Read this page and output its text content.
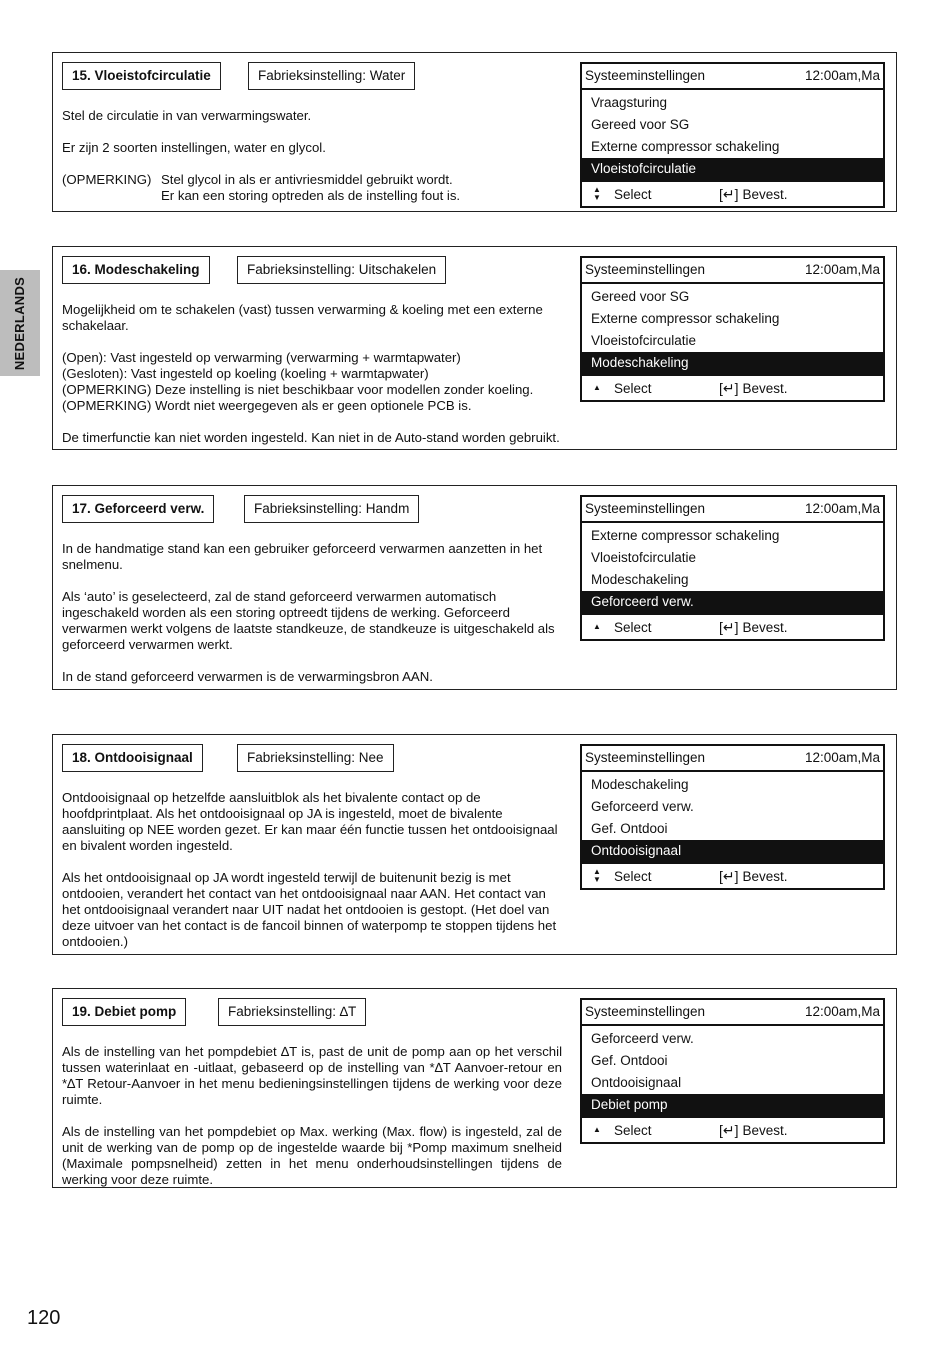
NEDERLANDS
15. Vloeistofcirculatie	Fabrieksinstelling: Water

Stel de circulatie in van verwarmingswater.

Er zijn 2 soorten instellingen, water en glycol.

(OPMERKING) Stel glycol in als er antivriesmiddel gebruikt wordt.
Er kan een storing optreden als de instelling fout is.
Systeeminstellingen	12:00am,Ma
Vraagsturing
Gereed voor SG
Externe compressor schakeling
Vloeistofcirculatie
▲
▼ Select	[↵] Bevest.
16. Modeschakeling	Fabrieksinstelling: Uitschakelen

Mogelijkheid om te schakelen (vast) tussen verwarming & koeling met een externe schakelaar.

(Open): Vast ingesteld op verwarming (verwarming + warmtapwater)
(Gesloten): Vast ingesteld op koeling (koeling + warmtapwater)
(OPMERKING) Deze instelling is niet beschikbaar voor modellen zonder koeling.
(OPMERKING) Wordt niet weergegeven als er geen optionele PCB is.

De timerfunctie kan niet worden ingesteld. Kan niet in de Auto-stand worden gebruikt.

Systeeminstellingen	12:00am,Ma
Gereed voor SG
Externe compressor schakeling
Vloeistofcirculatie
Modeschakeling
▲ Select	[↵] Bevest.
17. Geforceerd verw.	Fabrieksinstelling: Handm

In de handmatige stand kan een gebruiker geforceerd verwarmen aanzetten in het snelmenu.

Als ‘auto’ is geselecteerd, zal de stand geforceerd verwarmen automatisch ingeschakeld worden als een storing optreedt tijdens de werking. Geforceerd verwarmen werkt volgens de laatste standkeuze, de standkeuze is uitgeschakeld als geforceerd verwarmen werkt.

In de stand geforceerd verwarmen is de verwarmingsbron AAN.

Systeeminstellingen	12:00am,Ma
Externe compressor schakeling
Vloeistofcirculatie
Modeschakeling
Geforceerd verw.
▲ Select	[↵] Bevest.
18. Ontdooisignaal	Fabrieksinstelling: Nee

Ontdooisignaal op hetzelfde aansluitblok als het bivalente contact op de hoofdprintplaat. Als het ontdooisignaal op JA is ingesteld, moet de bivalente aansluiting op NEE worden gezet. Er kan maar één functie tussen het ontdooisignaal en bivalent worden ingesteld.

Als het ontdooisignaal op JA wordt ingesteld terwijl de buitenunit bezig is met ontdooien, verandert het contact van het ontdooisignaal naar AAN. Het contact van het ontdooisignaal verandert naar UIT nadat het ontdooien is gestopt. (Het doel van deze uitvoer van het contact is de fancoil binnen of waterpomp te stoppen tijdens het ontdooien.)

Systeeminstellingen	12:00am,Ma
Modeschakeling
Geforceerd verw.
Gef. Ontdooi
Ontdooisignaal
▲
▼ Select	[↵] Bevest.
19. Debiet pomp	Fabrieksinstelling: ∆T

Als de instelling van het pompdebiet ∆T is, past de unit de pomp aan op het verschil tussen waterinlaat en -uitlaat, gebaseerd op de instelling van *∆T Aanvoer-retour en *∆T Retour-Aanvoer in het menu bedieningsinstellingen tijdens de werking voor deze ruimte.

Als de instelling van het pompdebiet op Max. werking (Max. flow) is ingesteld, zal de unit de werking van de pomp op de ingestelde waarde bij *Pomp maximum snelheid (Maximale pompsnelheid) zetten in het menu onderhoudsinstellingen tijdens de werking voor deze ruimte.

Systeeminstellingen	12:00am,Ma
Geforceerd verw.
Gef. Ontdooi
Ontdooisignaal
Debiet pomp
▲ Select	[↵] Bevest.
120
